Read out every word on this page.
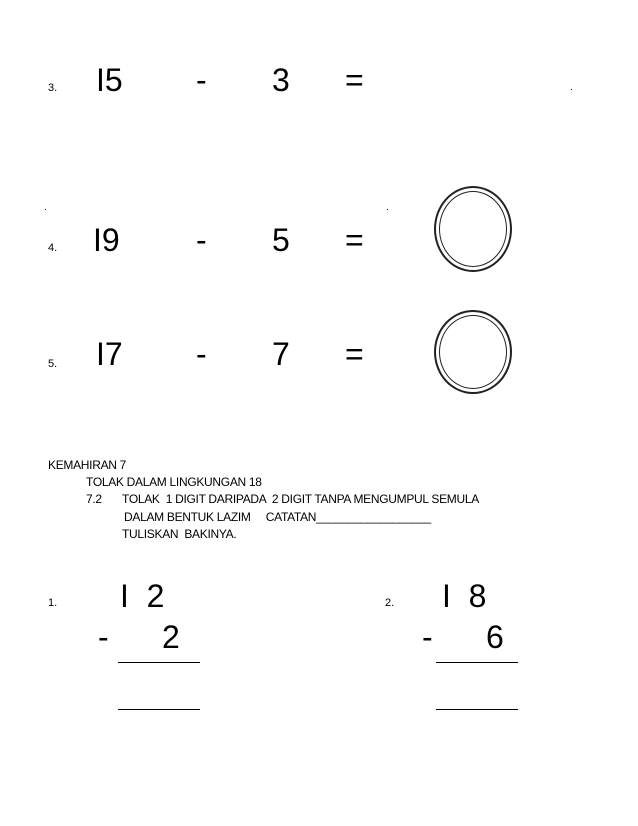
3. I5 - 3 =	.
.	.
4. I9 - 5 =
5. I7 - 7 =
KEMAHIRAN 7
TOLAK DALAM LINGKUNGAN 18
7.2 TOLAK  1 DIGIT DARIPADA  2 DIGIT TANPA MENGUMPUL SEMULA
DALAM BENTUK LAZIM     CATATAN__________________
TULISKAN  BAKINYA.
1. I  2
- 2
2. I  8
- 6
